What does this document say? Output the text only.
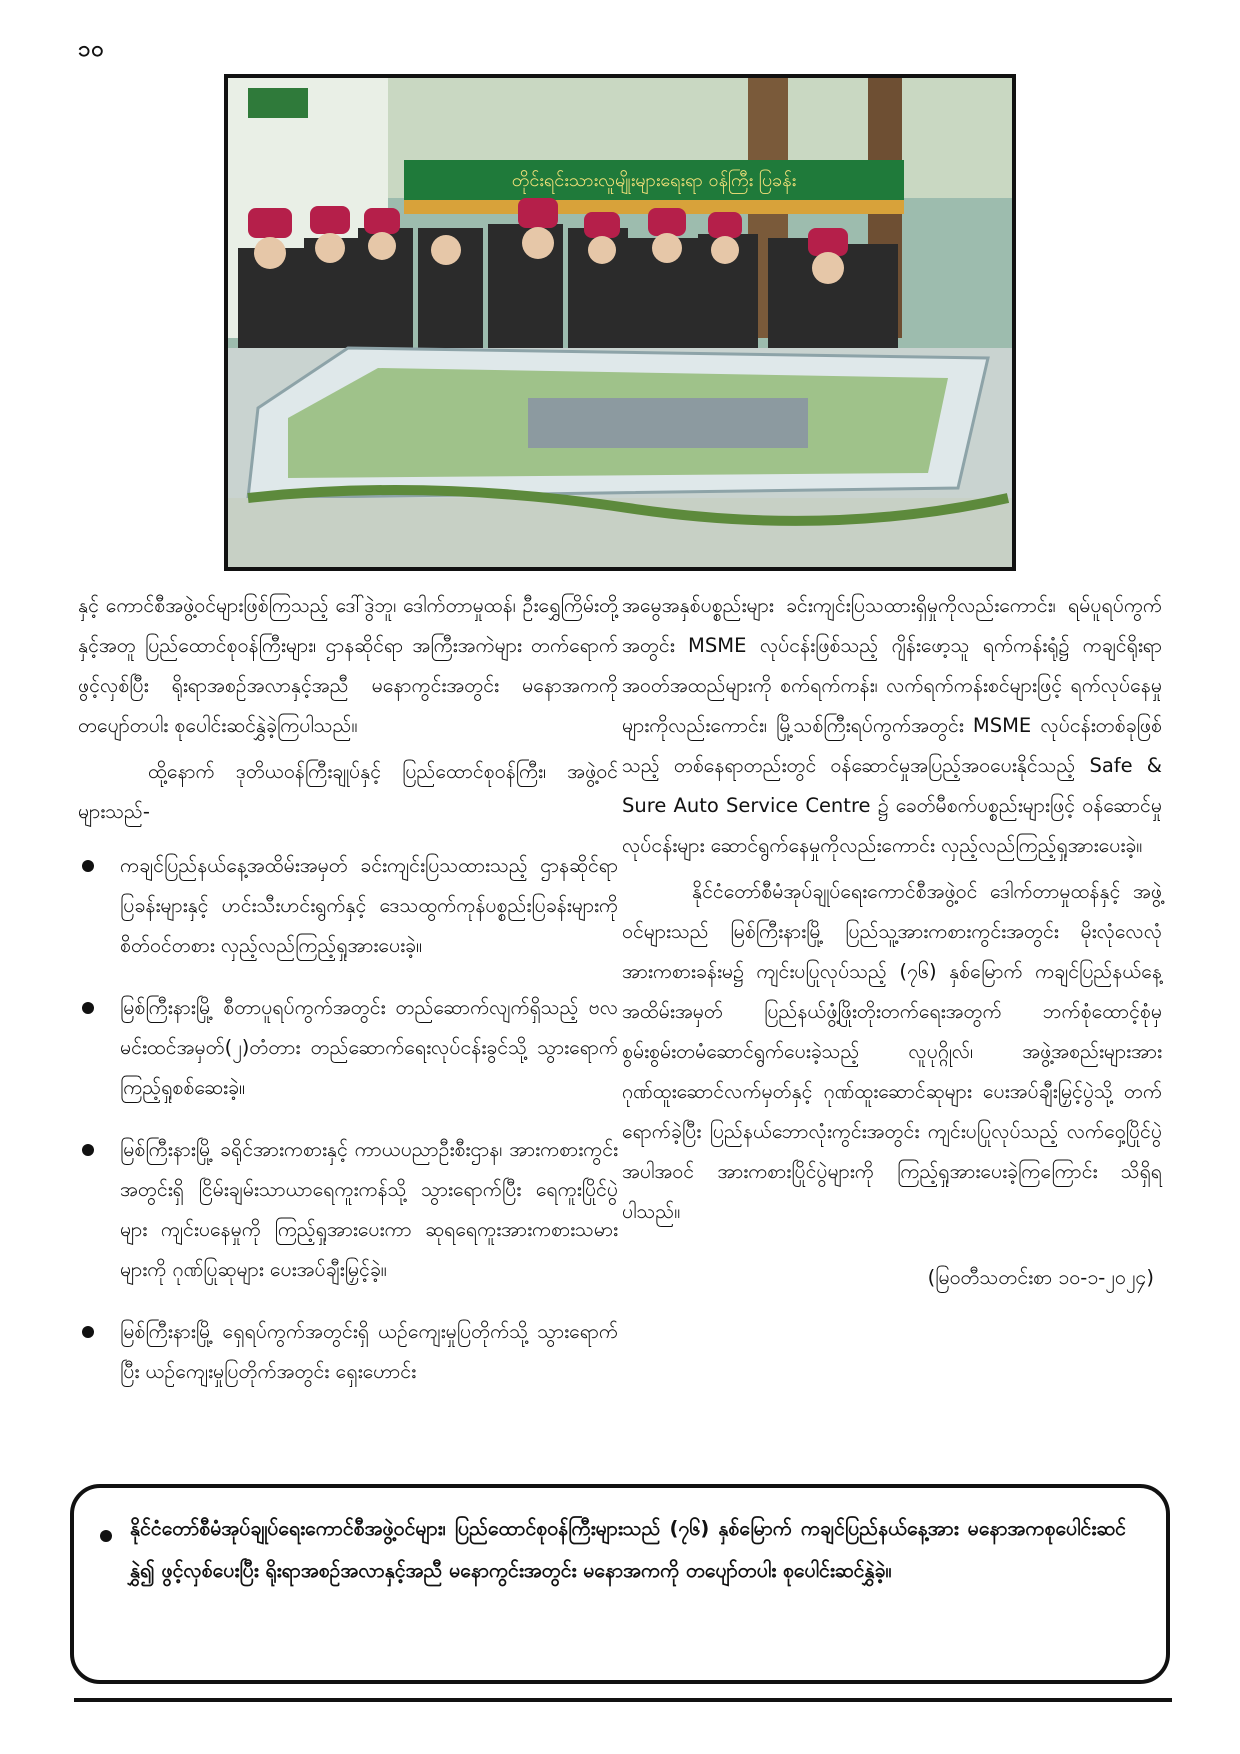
၁၀
တိုင်းရင်းသားလူမျိုးများရေးရာ ဝန်ကြီး ပြခန်း

နှင့် ကောင်စီအဖွဲ့ဝင်များဖြစ်ကြသည့် ဒေါ်ဒွဲဘူ၊ ဒေါက်တာမှုထန်၊ ဦးရွှေကြိမ်းတို့နှင့်အတူ ပြည်ထောင်စုဝန်ကြီးများ၊ ဌာနဆိုင်ရာ အကြီးအကဲများ တက်ရောက်ဖွင့်လှစ်ပြီး ရိုးရာအစဉ်အလာနှင့်အညီ မနောကွင်းအတွင်း မနောအကကို တပျော်တပါး စုပေါင်းဆင်နွှဲခဲ့ကြပါသည်။

ထို့နောက် ဒုတိယဝန်ကြီးချုပ်နှင့် ပြည်ထောင်စုဝန်ကြီး၊ အဖွဲ့ဝင်များသည်-

ကချင်ပြည်နယ်နေ့အထိမ်းအမှတ် ခင်းကျင်းပြသထားသည့် ဌာနဆိုင်ရာပြခန်းများနှင့် ဟင်းသီးဟင်းရွက်နှင့် ဒေသထွက်ကုန်ပစ္စည်းပြခန်းများကို စိတ်ဝင်တစား လှည့်လည်ကြည့်ရှုအားပေးခဲ့။
မြစ်ကြီးနားမြို့ စီတာပူရပ်ကွက်အတွင်း တည်ဆောက်လျက်ရှိသည့် ဗလမင်းထင်အမှတ်(၂)တံတား တည်ဆောက်ရေးလုပ်ငန်းခွင်သို့ သွားရောက်ကြည့်ရှုစစ်ဆေးခဲ့။
မြစ်ကြီးနားမြို့ ခရိုင်အားကစားနှင့် ကာယပညာဦးစီးဌာန၊ အားကစားကွင်းအတွင်းရှိ ငြိမ်းချမ်းသာယာရေကူးကန်သို့ သွားရောက်ပြီး ရေကူးပြိုင်ပွဲများ ကျင်းပနေမှုကို ကြည့်ရှုအားပေးကာ ဆုရရေကူးအားကစားသမားများကို ဂုဏ်ပြုဆုများ ပေးအပ်ချီးမြှင့်ခဲ့။
မြစ်ကြီးနားမြို့ ရှေရပ်ကွက်အတွင်းရှိ ယဉ်ကျေးမှုပြတိုက်သို့ သွားရောက်ပြီး ယဉ်ကျေးမှုပြတိုက်အတွင်း ရှေးဟောင်း

အမွေအနှစ်ပစ္စည်းများ ခင်းကျင်းပြသထားရှိမှုကိုလည်းကောင်း၊ ရမ်ပူရပ်ကွက်အတွင်း MSME လုပ်ငန်းဖြစ်သည့် ဂျိန်းဖော့သူ ရက်ကန်းရုံ၌ ကချင်ရိုးရာအဝတ်အထည်များကို စက်ရက်ကန်း၊ လက်ရက်ကန်းစင်များဖြင့် ရက်လုပ်နေမှုများကိုလည်းကောင်း၊ မြို့သစ်ကြီးရပ်ကွက်အတွင်း MSME လုပ်ငန်းတစ်ခုဖြစ်သည့် တစ်နေရာတည်းတွင် ဝန်ဆောင်မှုအပြည့်အဝပေးနိုင်သည့် Safe & Sure Auto Service Centre ၌ ခေတ်မီစက်ပစ္စည်းများဖြင့် ဝန်ဆောင်မှုလုပ်ငန်းများ ဆောင်ရွက်နေမှုကိုလည်းကောင်း လှည့်လည်ကြည့်ရှုအားပေးခဲ့။

နိုင်ငံတော်စီမံအုပ်ချုပ်ရေးကောင်စီအဖွဲ့ဝင် ဒေါက်တာမှုထန်နှင့် အဖွဲ့ဝင်များသည် မြစ်ကြီးနားမြို့ ပြည်သူ့အားကစားကွင်းအတွင်း မိုးလုံလေလုံအားကစားခန်းမ၌ ကျင်းပပြုလုပ်သည့် (၇၆) နှစ်မြောက် ကချင်ပြည်နယ်နေ့အထိမ်းအမှတ် ပြည်နယ်ဖွံ့ဖြိုးတိုးတက်ရေးအတွက် ဘက်စုံထောင့်စုံမှ စွမ်းစွမ်းတမံဆောင်ရွက်ပေးခဲ့သည့် လူပုဂ္ဂိုလ်၊ အဖွဲ့အစည်းများအား ဂုဏ်ထူးဆောင်လက်မှတ်နှင့် ဂုဏ်ထူးဆောင်ဆုများ ပေးအပ်ချီးမြှင့်ပွဲသို့ တက်ရောက်ခဲ့ပြီး ပြည်နယ်ဘောလုံးကွင်းအတွင်း ကျင်းပပြုလုပ်သည့် လက်ဝှေ့ပြိုင်ပွဲအပါအဝင် အားကစားပြိုင်ပွဲများကို ကြည့်ရှုအားပေးခဲ့ကြကြောင်း သိရှိရပါသည်။

(မြဝတီသတင်းစာ ၁၀-၁-၂၀၂၄)
နိုင်ငံတော်စီမံအုပ်ချုပ်ရေးကောင်စီအဖွဲ့ဝင်များ၊ ပြည်ထောင်စုဝန်ကြီးများသည် (၇၆) နှစ်မြောက် ကချင်ပြည်နယ်နေ့အား မနောအကစုပေါင်းဆင်နွှဲ၍ ဖွင့်လှစ်ပေးပြီး ရိုးရာအစဉ်အလာနှင့်အညီ မနောကွင်းအတွင်း မနောအကကို တပျော်တပါး စုပေါင်းဆင်နွှဲခဲ့။
